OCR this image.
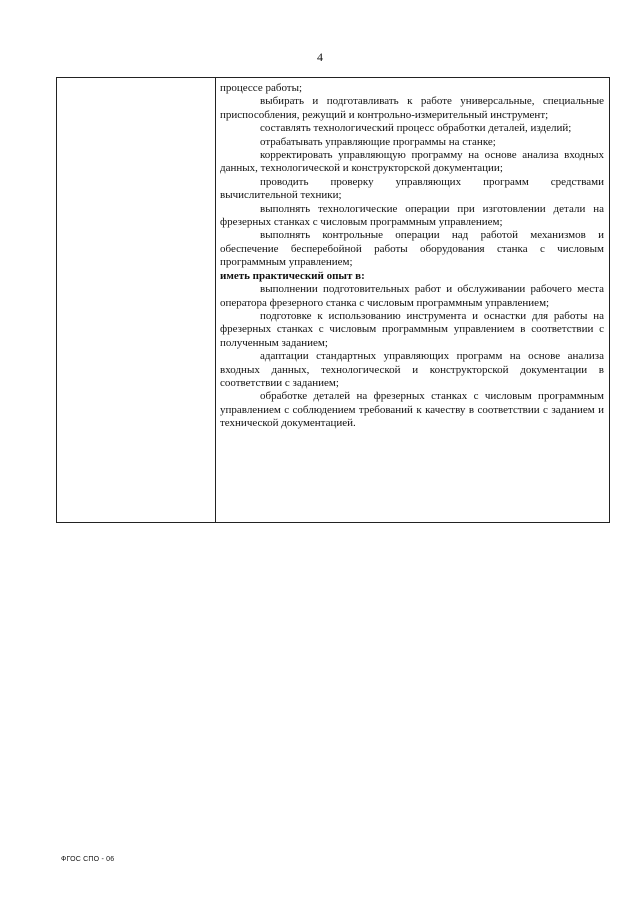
4

процессе работы;

выбирать и подготавливать к работе универсальные, специальные приспособления, режущий и контрольно-измерительный инструмент;

составлять технологический процесс обработки деталей, изделий;

отрабатывать управляющие программы на станке;

корректировать управляющую программу на основе анализа входных данных, технологической и конструкторской документации;

проводить проверку управляющих программ средствами вычислительной техники;

выполнять технологические операции при изготовлении детали на фрезерных станках с числовым программным управлением;

выполнять контрольные операции над работой механизмов и обеспечение бесперебойной работы оборудования станка с числовым программным управлением;

иметь практический опыт в:

выполнении подготовительных работ и обслуживании рабочего места оператора фрезерного станка с числовым программным управлением;

подготовке к использованию инструмента и оснастки для работы на фрезерных станках с числовым программным управлением в соответствии с полученным заданием;

адаптации стандартных управляющих программ на основе анализа входных данных, технологической и конструкторской документации в соответствии с заданием;

обработке деталей на фрезерных станках с числовым программным управлением с соблюдением требований к качеству в соответствии с заданием и технической документацией.

ФГОС СПО - 06
